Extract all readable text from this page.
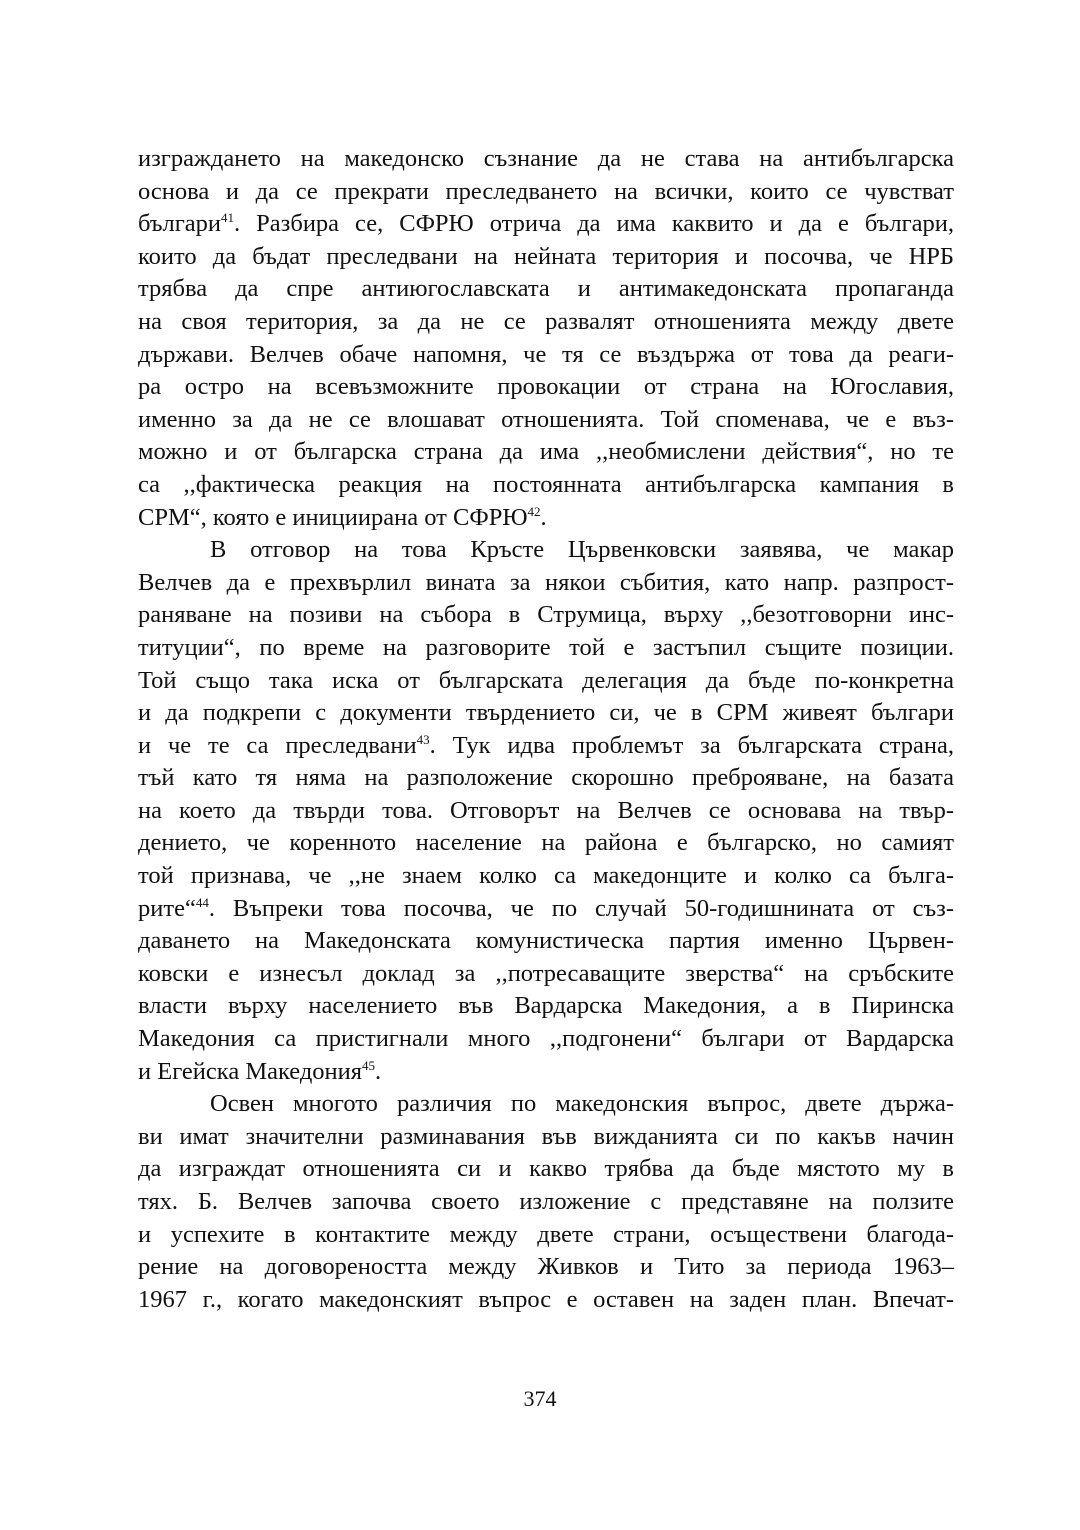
изграждането на македонско съзнание да не става на антибългарска
основа и да се прекрати преследването на всички, които се чувстват
българи$^{41}$. Разбира се, СФРЮ отрича да има каквито и да е българи,
които да бъдат преследвани на нейната територия и посочва, че НРБ
трябва да спре антиюгославската и антимакедонската пропаганда
на своя територия, за да не се развалят отношенията между двете
държави. Велчев обаче напомня, че тя се въздържа от това да реаги-
ра остро на всевъзможните провокации от страна на Югославия,
именно за да не се влошават отношенията. Той споменава, че е въз-
можно и от българска страна да има ,,необмислени действия“, но те
са ,,фактическа реакция на постоянната антибългарска кампания в
СРМ“, която е инициирана от СФРЮ$^{42}$.
В отговор на това Кръсте Цървенковски заявява, че макар
Велчев да е прехвърлил вината за някои събития, като напр. разпрост-
раняване на позиви на събора в Струмица, върху ,,безотговорни инс-
титуции“, по време на разговорите той е застъпил същите позиции.
Той също така иска от българската делегация да бъде по-конкретна
и да подкрепи с документи твърдението си, че в СРМ живеят българи
и че те са преследвани$^{43}$. Тук идва проблемът за българската страна,
тъй като тя няма на разположение скорошно преброяване, на базата
на което да твърди това. Отговорът на Велчев се основава на твър-
дението, че коренното население на района е българско, но самият
той признава, че ,,не знаем колко са македонците и колко са бълга-
рите“$^{44}$. Въпреки това посочва, че по случай 50-годишнината от съз-
даването на Македонската комунистическа партия именно Цървен-
ковски е изнесъл доклад за ,,потресаващите зверства“ на сръбските
власти върху населението във Вардарска Македония, а в Пиринска
Македония са пристигнали много ,,подгонени“ българи от Вардарска
и Егейска Македония$^{45}$.
Освен многото различия по македонския въпрос, двете държа-
ви имат значителни разминавания във вижданията си по какъв начин
да изграждат отношенията си и какво трябва да бъде мястото му в
тях. Б. Велчев започва своето изложение с представяне на ползите
и успехите в контактите между двете страни, осъществени благода-
рение на договореността между Живков и Тито за периода 1963–
1967 г., когато македонският въпрос е оставен на заден план. Впечат-
374
